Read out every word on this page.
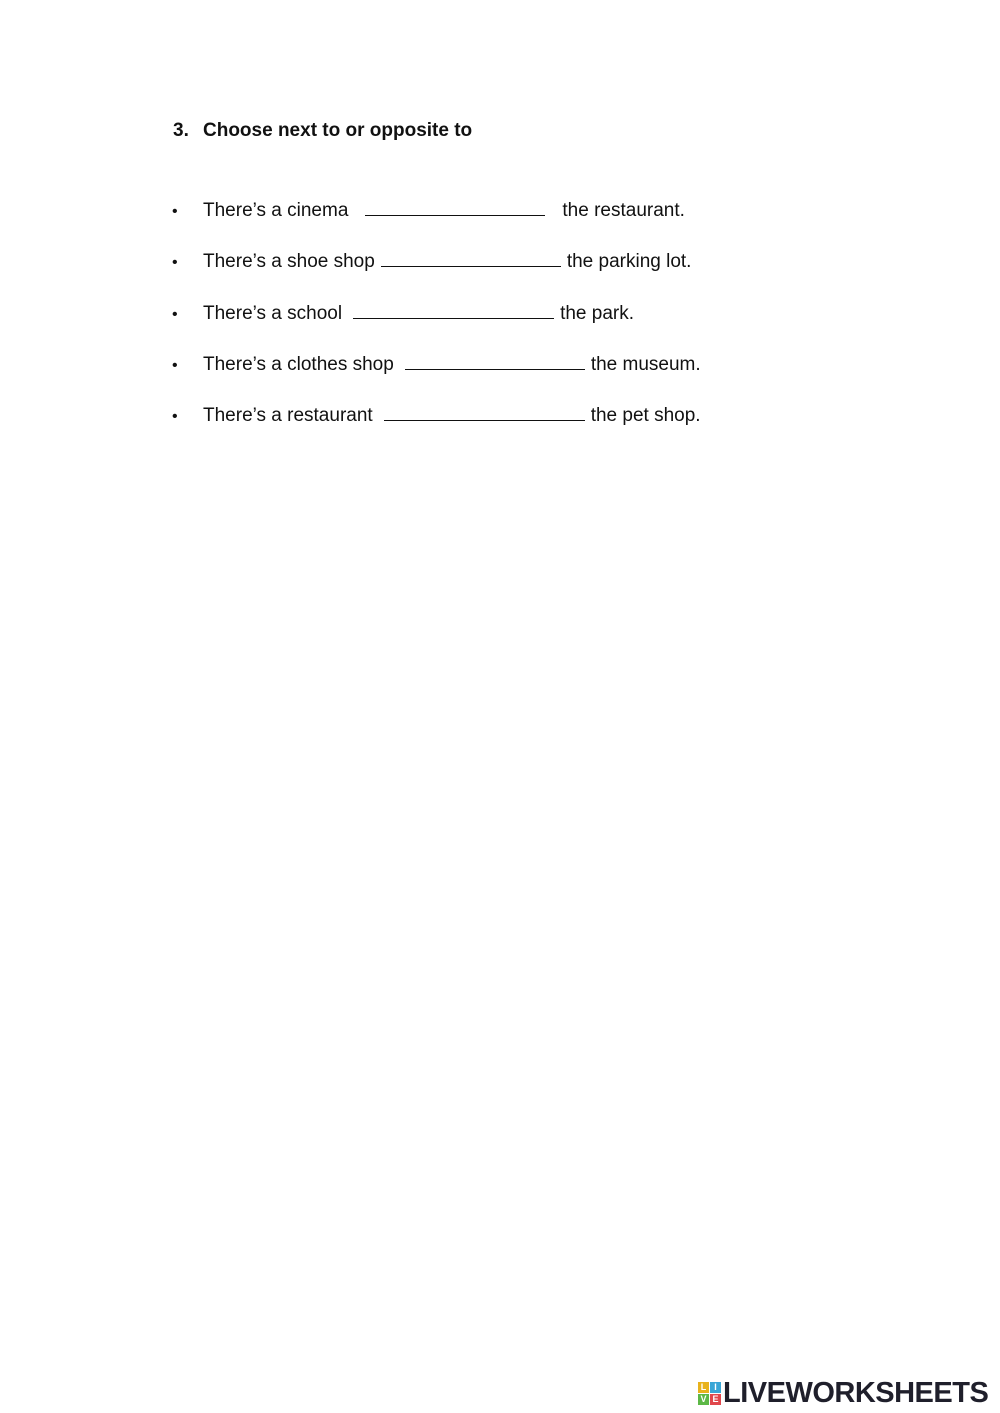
3. Choose next to or opposite to
• There’s a cinema	the restaurant.
• There’s a shoe shop	the parking lot.
• There’s a school	the park.
• There’s a clothes shop	the museum.
• There’s a restaurant	the pet shop.
L I
V E LIVEWORKSHEETS
